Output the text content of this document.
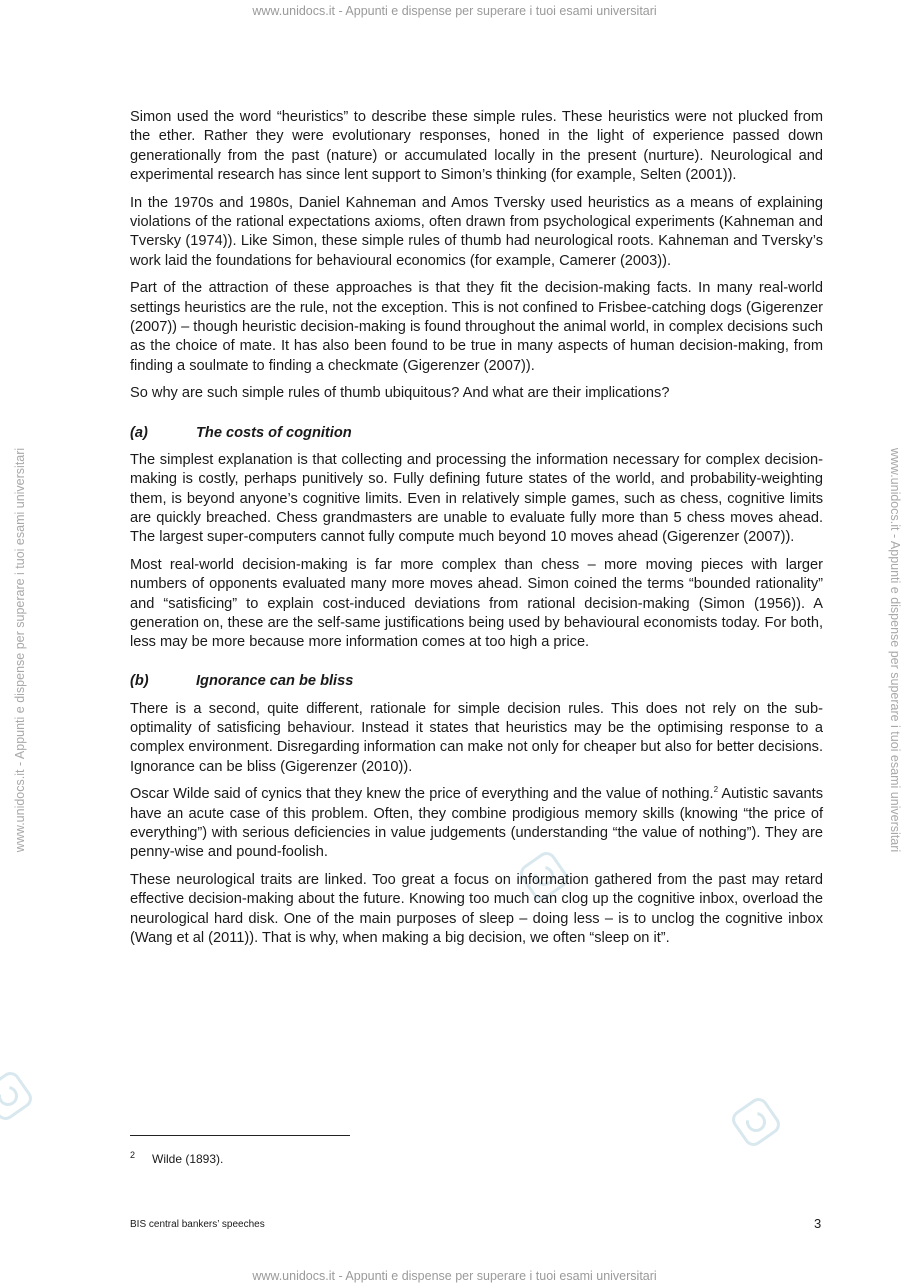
www.unidocs.it - Appunti e dispense per superare i tuoi esami universitari
www.unidocs.it - Appunti e dispense per superare i tuoi esami universitari	www.unidocs.it - Appunti e dispense per superare i tuoi esami universitari

Simon used the word “heuristics” to describe these simple rules. These heuristics were not plucked from the ether. Rather they were evolutionary responses, honed in the light of experience passed down generationally from the past (nature) or accumulated locally in the present (nurture). Neurological and experimental research has since lent support to Simon’s thinking (for example, Selten (2001)).

In the 1970s and 1980s, Daniel Kahneman and Amos Tversky used heuristics as a means of explaining violations of the rational expectations axioms, often drawn from psychological experiments (Kahneman and Tversky (1974)). Like Simon, these simple rules of thumb had neurological roots. Kahneman and Tversky’s work laid the foundations for behavioural economics (for example, Camerer (2003)).

Part of the attraction of these approaches is that they fit the decision-making facts. In many real-world settings heuristics are the rule, not the exception. This is not confined to Frisbee-catching dogs (Gigerenzer (2007)) – though heuristic decision-making is found throughout the animal world, in complex decisions such as the choice of mate. It has also been found to be true in many aspects of human decision-making, from finding a soulmate to finding a checkmate (Gigerenzer (2007)).

So why are such simple rules of thumb ubiquitous? And what are their implications?

(a)	The costs of cognition

The simplest explanation is that collecting and processing the information necessary for complex decision-making is costly, perhaps punitively so. Fully defining future states of the world, and probability-weighting them, is beyond anyone’s cognitive limits. Even in relatively simple games, such as chess, cognitive limits are quickly breached. Chess grandmasters are unable to evaluate fully more than 5 chess moves ahead. The largest super-computers cannot fully compute much beyond 10 moves ahead (Gigerenzer (2007)).

Most real-world decision-making is far more complex than chess – more moving pieces with larger numbers of opponents evaluated many more moves ahead. Simon coined the terms “bounded rationality” and “satisficing” to explain cost-induced deviations from rational decision-making (Simon (1956)). A generation on, these are the self-same justifications being used by behavioural economists today. For both, less may be more because more information comes at too high a price.

(b)	Ignorance can be bliss

There is a second, quite different, rationale for simple decision rules. This does not rely on the sub-optimality of satisficing behaviour. Instead it states that heuristics may be the optimising response to a complex environment. Disregarding information can make not only for cheaper but also for better decisions. Ignorance can be bliss (Gigerenzer (2010)).

Oscar Wilde said of cynics that they knew the price of everything and the value of nothing.$^2$ Autistic savants have an acute case of this problem. Often, they combine prodigious memory skills (knowing “the price of everything”) with serious deficiencies in value judgements (understanding “the value of nothing”). They are penny-wise and pound-foolish.

These neurological traits are linked. Too great a focus on information gathered from the past may retard effective decision-making about the future. Knowing too much can clog up the cognitive inbox, overload the neurological hard disk. One of the main purposes of sleep – doing less – is to unclog the cognitive inbox (Wang et al (2011)). That is why, when making a big decision, we often “sleep on it”.

2	Wilde (1893).
BIS central bankers’ speeches	3
www.unidocs.it - Appunti e dispense per superare i tuoi esami universitari
